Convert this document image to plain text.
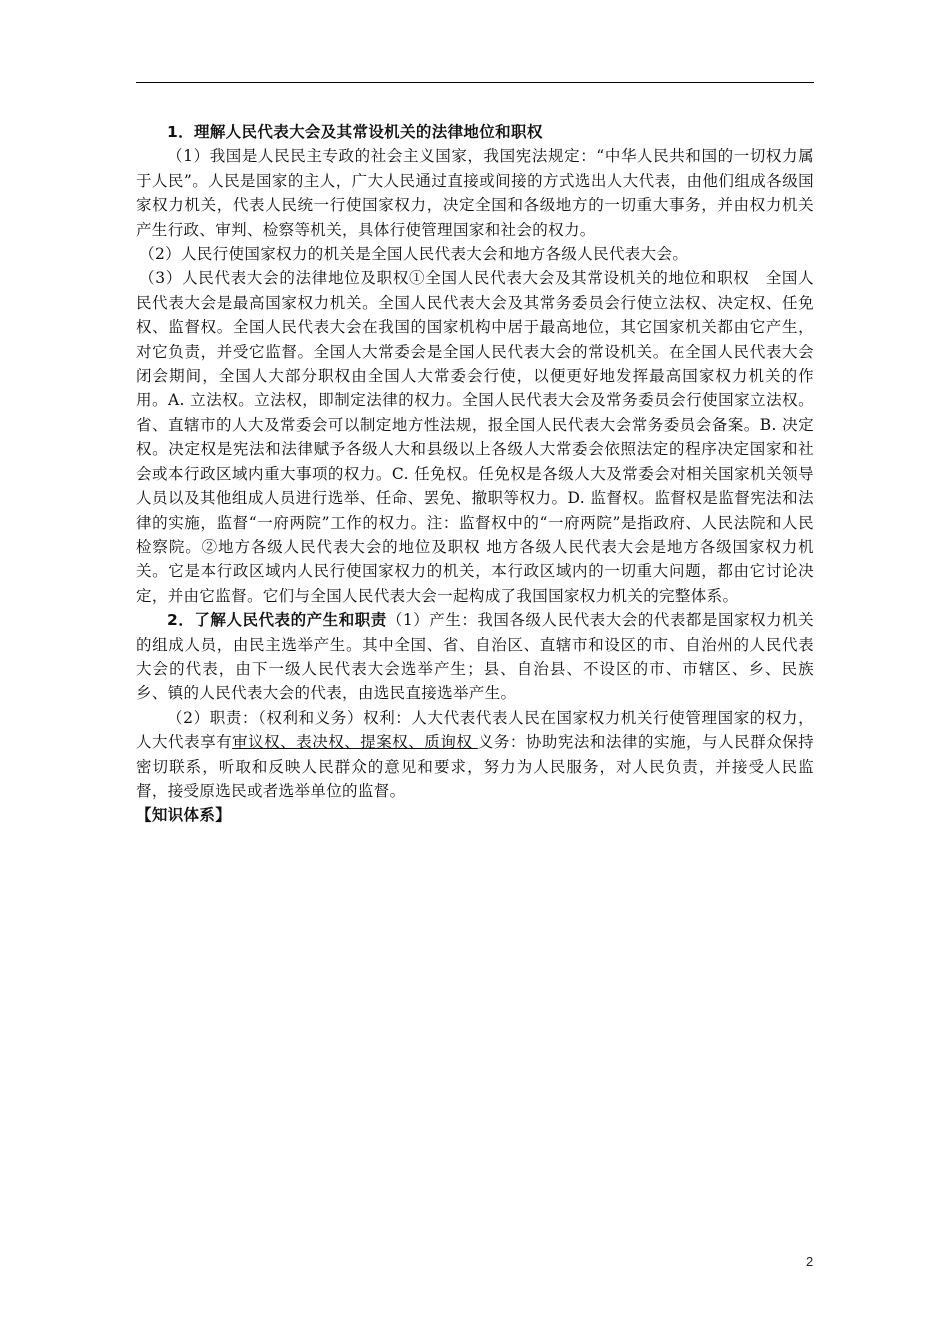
1．理解人民代表大会及其常设机关的法律地位和职权

（1）我国是人民民主专政的社会主义国家，我国宪法规定：“中华人民共和国的一切权力属于人民”。人民是国家的主人，广大人民通过直接或间接的方式选出人大代表，由他们组成各级国家权力机关，代表人民统一行使国家权力，决定全国和各级地方的一切重大事务，并由权力机关产生行政、审判、检察等机关，具体行使管理国家和社会的权力。

（2）人民行使国家权力的机关是全国人民代表大会和地方各级人民代表大会。

（3）人民代表大会的法律地位及职权①全国人民代表大会及其常设机关的地位和职权　全国人民代表大会是最高国家权力机关。全国人民代表大会及其常务委员会行使立法权、决定权、任免权、监督权。全国人民代表大会在我国的国家机构中居于最高地位，其它国家机关都由它产生，对它负责，并受它监督。全国人大常委会是全国人民代表大会的常设机关。在全国人民代表大会闭会期间，全国人大部分职权由全国人大常委会行使，以便更好地发挥最高国家权力机关的作用。A. 立法权。立法权，即制定法律的权力。全国人民代表大会及常务委员会行使国家立法权。省、直辖市的人大及常委会可以制定地方性法规，报全国人民代表大会常务委员会备案。B. 决定权。决定权是宪法和法律赋予各级人大和县级以上各级人大常委会依照法定的程序决定国家和社会或本行政区域内重大事项的权力。C. 任免权。任免权是各级人大及常委会对相关国家机关领导人员以及其他组成人员进行选举、任命、罢免、撤职等权力。D. 监督权。监督权是监督宪法和法律的实施，监督“一府两院”工作的权力。注：监督权中的“一府两院”是指政府、人民法院和人民检察院。②地方各级人民代表大会的地位及职权 地方各级人民代表大会是地方各级国家权力机关。它是本行政区域内人民行使国家权力的机关，本行政区域内的一切重大问题，都由它讨论决定，并由它监督。它们与全国人民代表大会一起构成了我国国家权力机关的完整体系。

2．了解人民代表的产生和职责（1）产生：我国各级人民代表大会的代表都是国家权力机关的组成人员，由民主选举产生。其中全国、省、自治区、直辖市和设区的市、自治州的人民代表大会的代表，由下一级人民代表大会选举产生；县、自治县、不设区的市、市辖区、乡、民族乡、镇的人民代表大会的代表，由选民直接选举产生。

（2）职责：（权利和义务）权利：人大代表代表人民在国家权力机关行使管理国家的权力，人大代表享有审议权、表决权、提案权、质询权 义务：协助宪法和法律的实施，与人民群众保持密切联系，听取和反映人民群众的意见和要求，努力为人民服务，对人民负责，并接受人民监督，接受原选民或者选举单位的监督。

【知识体系】

2
